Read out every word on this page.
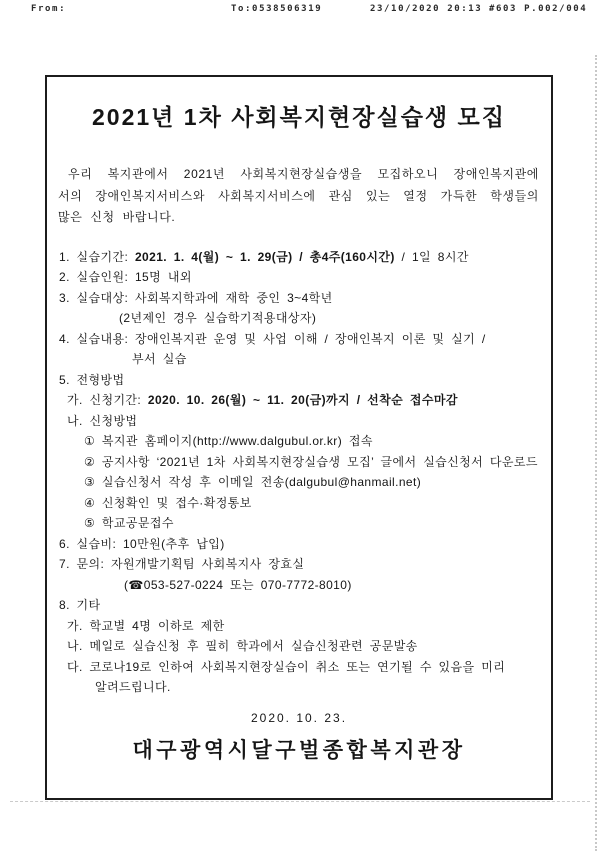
From:	To:0538506319	23/10/2020 20:13 #603 P.002/004
2021년 1차 사회복지현장실습생 모집
우리 복지관에서 2021년 사회복지현장실습생을 모집하오니 장애인복지관에
서의 장애인복지서비스와 사회복지서비스에 관심 있는 열정 가득한 학생들의
많은 신청 바랍니다.
1. 실습기간: 2021. 1. 4(월) ~ 1. 29(금) / 총4주(160시간) / 1일 8시간
2. 실습인원: 15명 내외
3. 실습대상: 사회복지학과에 재학 중인 3~4학년
(2년제인 경우 실습학기적용대상자)
4. 실습내용: 장애인복지관 운영 및 사업 이해 / 장애인복지 이론 및 실기 /
부서 실습
5. 전형방법
가. 신청기간: 2020. 10. 26(월) ~ 11. 20(금)까지 / 선착순 접수마감
나. 신청방법
① 복지관 홈페이지(http://www.dalgubul.or.kr) 접속
② 공지사항 ‘2021년 1차 사회복지현장실습생 모집’ 글에서 실습신청서 다운로드
③ 실습신청서 작성 후 이메일 전송(dalgubul@hanmail.net)
④ 신청확인 및 접수·확정통보
⑤ 학교공문접수
6. 실습비: 10만원(추후 납입)
7. 문의: 자원개발기획팀 사회복지사 장효실
(☎053-527-0224 또는 070-7772-8010)
8. 기타
가. 학교별 4명 이하로 제한
나. 메일로 실습신청 후 필히 학과에서 실습신청관련 공문발송
다. 코로나19로 인하여 사회복지현장실습이 취소 또는 연기될 수 있음을 미리
알려드립니다.
2020. 10. 23.
대구광역시달구벌종합복지관장
